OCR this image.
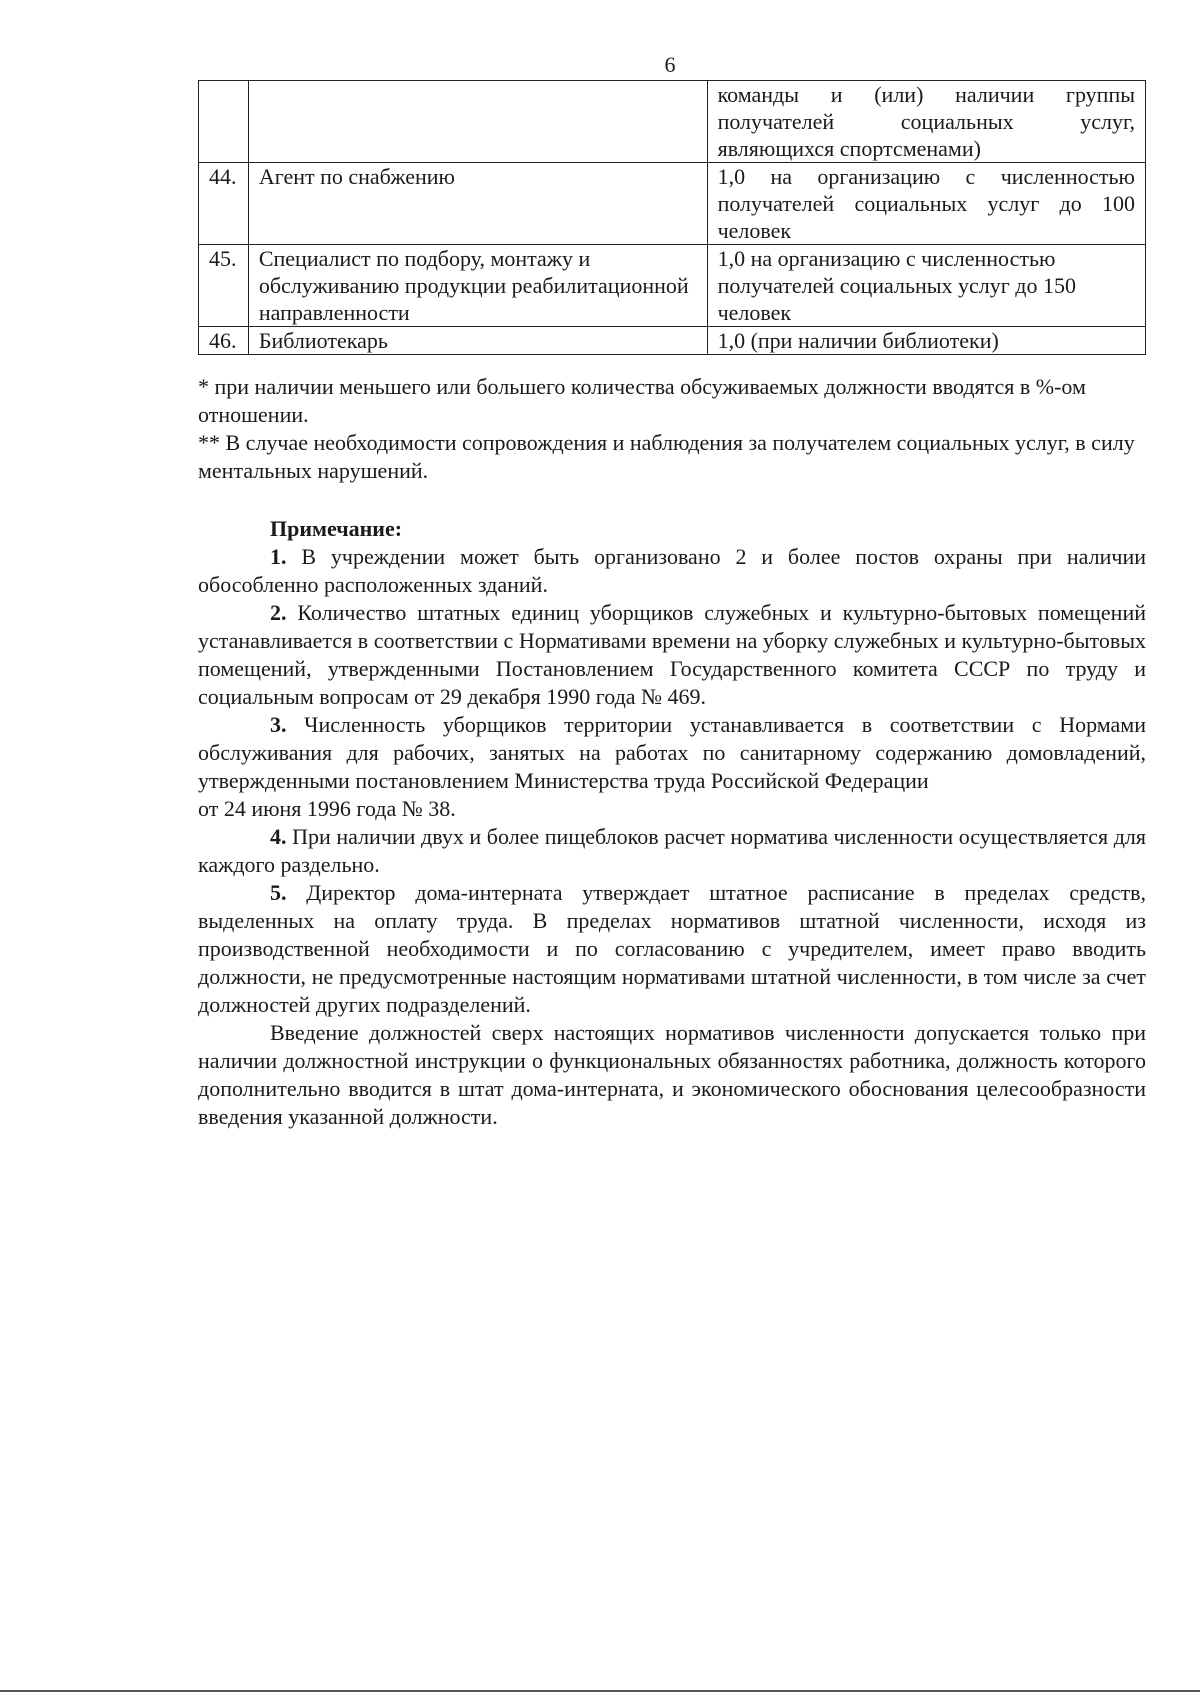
6
		команды и (или) наличии группы получателей социальных услуг, являющихся спортсменами)
44.	Агент по снабжению	1,0 на организацию с численностью получателей социальных услуг до 100 человек
45.	Специалист по подбору, монтажу и обслуживанию продукции реабилитационной направленности	1,0 на организацию с численностью получателей социальных услуг до 150 человек
46.	Библиотекарь	1,0 (при наличии библиотеки)

* при наличии меньшего или большего количества обсуживаемых должности вводятся в %-ом отношении.

** В случае необходимости сопровождения и наблюдения за получателем социальных услуг, в силу ментальных нарушений.

Примечание:

1. В учреждении может быть организовано 2 и более постов охраны при наличии обособленно расположенных зданий.

2. Количество штатных единиц уборщиков служебных и культурно-бытовых помещений устанавливается в соответствии с Нормативами времени на уборку служебных и культурно-бытовых помещений, утвержденными Постановлением Государственного комитета СССР по труду и социальным вопросам от 29 декабря 1990 года № 469.

3. Численность уборщиков территории устанавливается в соответствии с Нормами обслуживания для рабочих, занятых на работах по санитарному содержанию домовладений, утвержденными постановлением Министерства труда Российской Федерации

от 24 июня 1996 года № 38.

4. При наличии двух и более пищеблоков расчет норматива численности осуществляется для каждого раздельно.

5. Директор дома-интерната утверждает штатное расписание в пределах средств, выделенных на оплату труда. В пределах нормативов штатной численности, исходя из производственной необходимости и по согласованию с учредителем, имеет право вводить должности, не предусмотренные настоящим нормативами штатной численности, в том числе за счет должностей других подразделений.

Введение должностей сверх настоящих нормативов численности допускается только при наличии должностной инструкции о функциональных обязанностях работника, должность которого дополнительно вводится в штат дома-интерната, и экономического обоснования целесообразности введения указанной должности.
